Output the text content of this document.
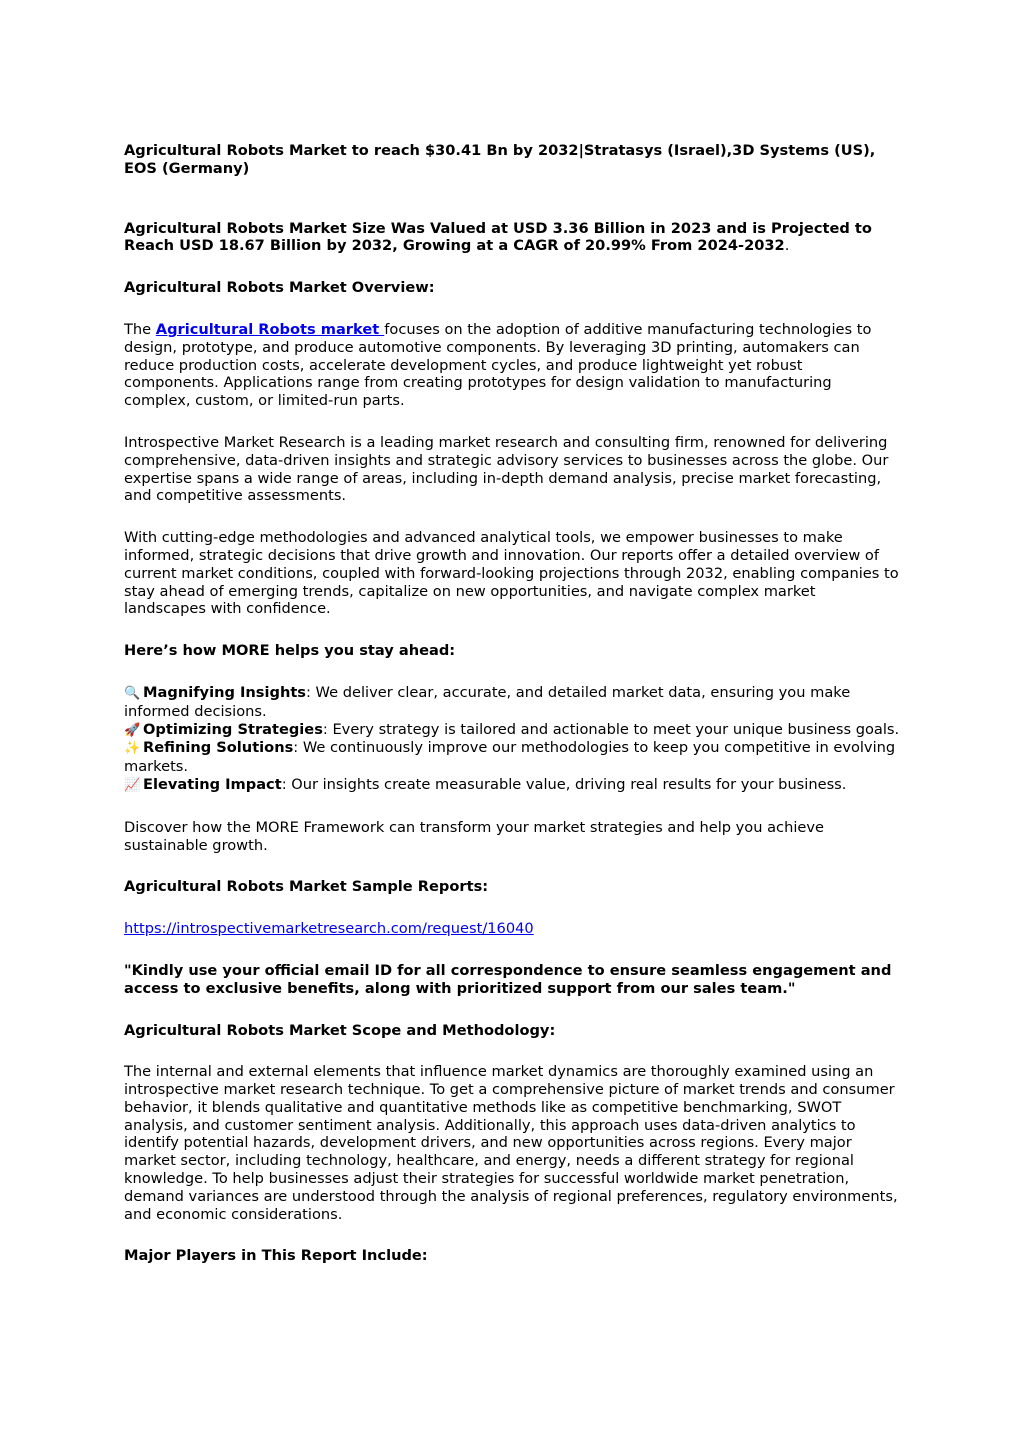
Agricultural Robots Market to reach $30.41 Bn by 2032|Stratasys (Israel),3D Systems (US), EOS (Germany)

Agricultural Robots Market Size Was Valued at USD 3.36 Billion in 2023 and is Projected to Reach USD 18.67 Billion by 2032, Growing at a CAGR of 20.99% From 2024-2032.

Agricultural Robots Market Overview:

The Agricultural Robots market focuses on the adoption of additive manufacturing technologies to design, prototype, and produce automotive components. By leveraging 3D printing, automakers can reduce production costs, accelerate development cycles, and produce lightweight yet robust components. Applications range from creating prototypes for design validation to manufacturing complex, custom, or limited-run parts.

Introspective Market Research is a leading market research and consulting firm, renowned for delivering comprehensive, data-driven insights and strategic advisory services to businesses across the globe. Our expertise spans a wide range of areas, including in-depth demand analysis, precise market forecasting, and competitive assessments.

With cutting-edge methodologies and advanced analytical tools, we empower businesses to make informed, strategic decisions that drive growth and innovation. Our reports offer a detailed overview of current market conditions, coupled with forward-looking projections through 2032, enabling companies to stay ahead of emerging trends, capitalize on new opportunities, and navigate complex market landscapes with confidence.

Here’s how MORE helps you stay ahead:

🔍 Magnifying Insights: We deliver clear, accurate, and detailed market data, ensuring you make informed decisions.

🚀 Optimizing Strategies: Every strategy is tailored and actionable to meet your unique business goals.

✨ Refining Solutions: We continuously improve our methodologies to keep you competitive in evolving markets.

📈 Elevating Impact: Our insights create measurable value, driving real results for your business.

Discover how the MORE Framework can transform your market strategies and help you achieve sustainable growth.

Agricultural Robots Market Sample Reports:

https://introspectivemarketresearch.com/request/16040

"Kindly use your official email ID for all correspondence to ensure seamless engagement and access to exclusive benefits, along with prioritized support from our sales team."

Agricultural Robots Market Scope and Methodology:

The internal and external elements that influence market dynamics are thoroughly examined using an introspective market research technique. To get a comprehensive picture of market trends and consumer behavior, it blends qualitative and quantitative methods like as competitive benchmarking, SWOT analysis, and customer sentiment analysis. Additionally, this approach uses data-driven analytics to identify potential hazards, development drivers, and new opportunities across regions. Every major market sector, including technology, healthcare, and energy, needs a different strategy for regional knowledge. To help businesses adjust their strategies for successful worldwide market penetration, demand variances are understood through the analysis of regional preferences, regulatory environments, and economic considerations.

Major Players in This Report Include:
